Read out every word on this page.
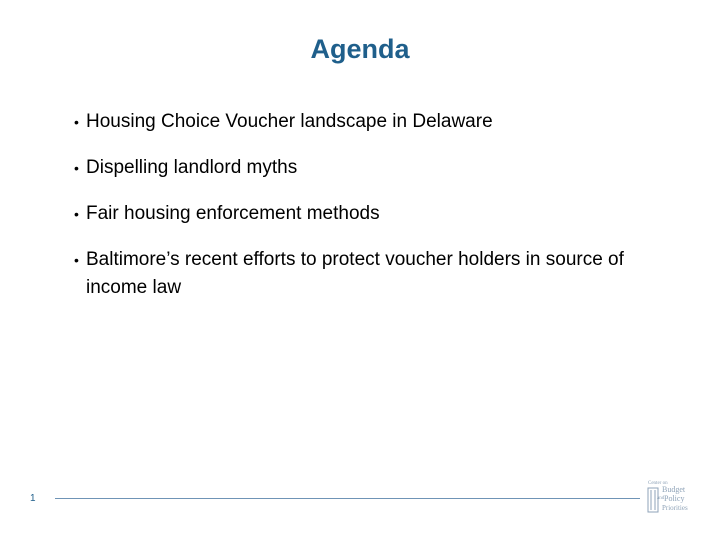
Agenda
• Housing Choice Voucher landscape in Delaware
• Dispelling landlord myths
• Fair housing enforcement methods
• Baltimore’s recent efforts to protect voucher holders in source of income law
1
Center on
Budget
and Policy
Priorities
